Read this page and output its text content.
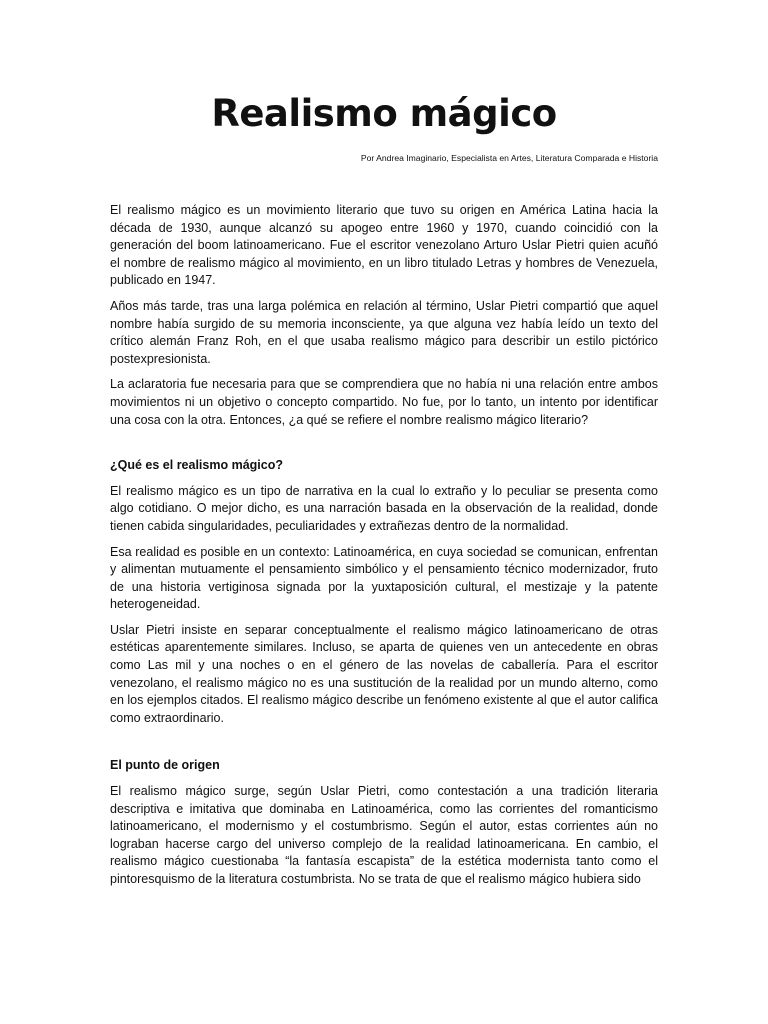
Realismo mágico

Por Andrea Imaginario, Especialista en Artes, Literatura Comparada e Historia

El realismo mágico es un movimiento literario que tuvo su origen en América Latina hacia la década de 1930, aunque alcanzó su apogeo entre 1960 y 1970, cuando coincidió con la generación del boom latinoamericano. Fue el escritor venezolano Arturo Uslar Pietri quien acuñó el nombre de realismo mágico al movimiento, en un libro titulado Letras y hombres de Venezuela, publicado en 1947.

Años más tarde, tras una larga polémica en relación al término, Uslar Pietri compartió que aquel nombre había surgido de su memoria inconsciente, ya que alguna vez había leído un texto del crítico alemán Franz Roh, en el que usaba realismo mágico para describir un estilo pictórico postexpresionista.

La aclaratoria fue necesaria para que se comprendiera que no había ni una relación entre ambos movimientos ni un objetivo o concepto compartido. No fue, por lo tanto, un intento por identificar una cosa con la otra. Entonces, ¿a qué se refiere el nombre realismo mágico literario?

¿Qué es el realismo mágico?

El realismo mágico es un tipo de narrativa en la cual lo extraño y lo peculiar se presenta como algo cotidiano. O mejor dicho, es una narración basada en la observación de la realidad, donde tienen cabida singularidades, peculiaridades y extrañezas dentro de la normalidad.

Esa realidad es posible en un contexto: Latinoamérica, en cuya sociedad se comunican, enfrentan y alimentan mutuamente el pensamiento simbólico y el pensamiento técnico modernizador, fruto de una historia vertiginosa signada por la yuxtaposición cultural, el mestizaje y la patente heterogeneidad.

Uslar Pietri insiste en separar conceptualmente el realismo mágico latinoamericano de otras estéticas aparentemente similares. Incluso, se aparta de quienes ven un antecedente en obras como Las mil y una noches o en el género de las novelas de caballería. Para el escritor venezolano, el realismo mágico no es una sustitución de la realidad por un mundo alterno, como en los ejemplos citados. El realismo mágico describe un fenómeno existente al que el autor califica como extraordinario.

El punto de origen

El realismo mágico surge, según Uslar Pietri, como contestación a una tradición literaria descriptiva e imitativa que dominaba en Latinoamérica, como las corrientes del romanticismo latinoamericano, el modernismo y el costumbrismo. Según el autor, estas corrientes aún no lograban hacerse cargo del universo complejo de la realidad latinoamericana. En cambio, el realismo mágico cuestionaba “la fantasía escapista” de la estética modernista tanto como el pintoresquismo de la literatura costumbrista. No se trata de que el realismo mágico hubiera sido
